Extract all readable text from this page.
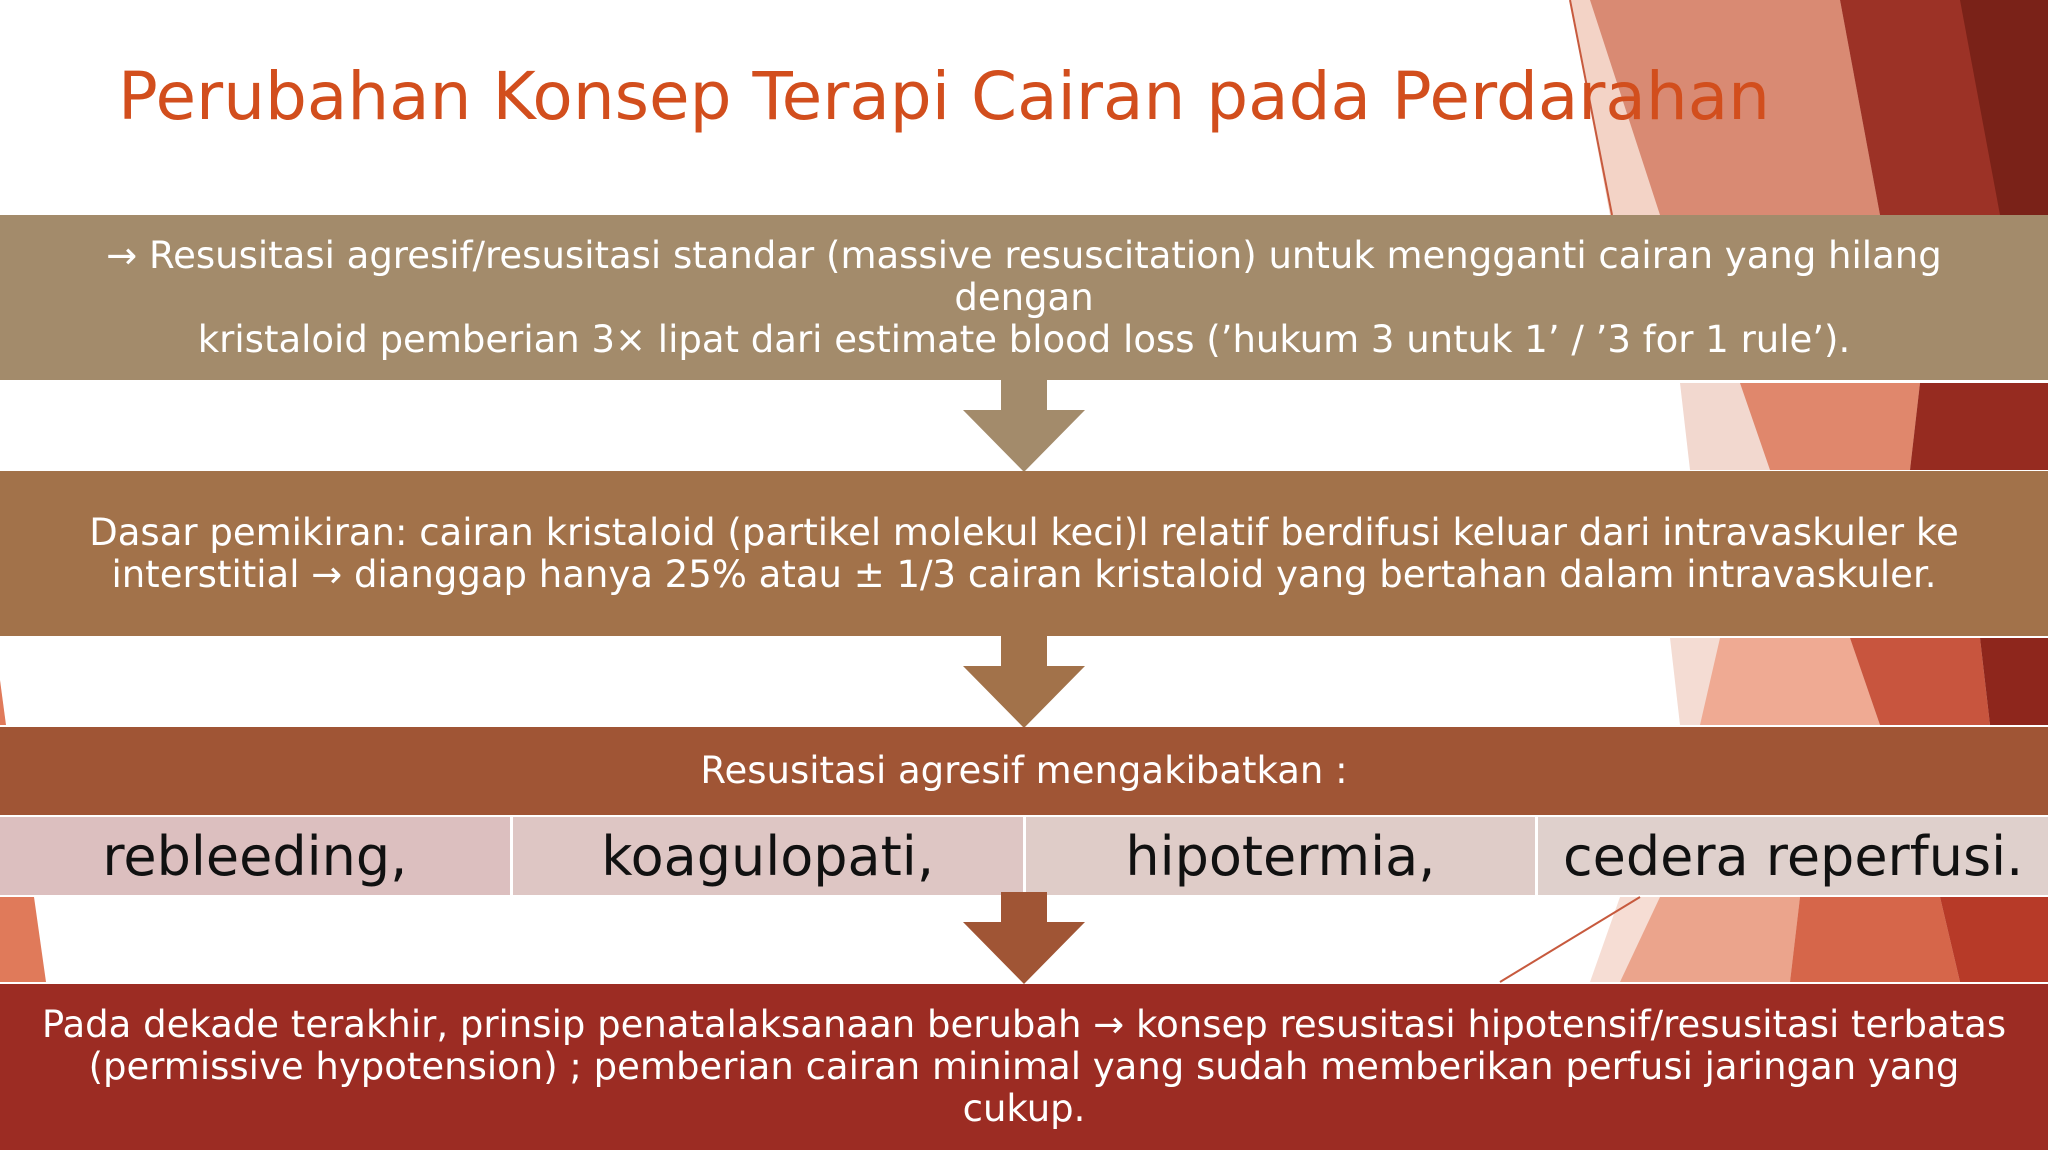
Perubahan Konsep Terapi Cairan pada Perdarahan
→ Resusitasi agresif/resusitasi standar (massive resuscitation) untuk mengganti cairan yang hilang dengan
kristaloid pemberian 3× lipat dari estimate blood loss (’hukum 3 untuk 1’ / ’3 for 1 rule’).
Dasar pemikiran: cairan kristaloid (partikel molekul keci)l relatif berdifusi keluar dari intravaskuler ke
interstitial → dianggap hanya 25% atau ± 1/3 cairan kristaloid yang bertahan dalam intravaskuler.
Resusitasi agresif mengakibatkan :
rebleeding,	koagulopati,	hipotermia,	cedera reperfusi.
Pada dekade terakhir, prinsip penatalaksanaan berubah → konsep resusitasi hipotensif/resusitasi terbatas
(permissive hypotension) ; pemberian cairan minimal yang sudah memberikan perfusi jaringan yang cukup.
